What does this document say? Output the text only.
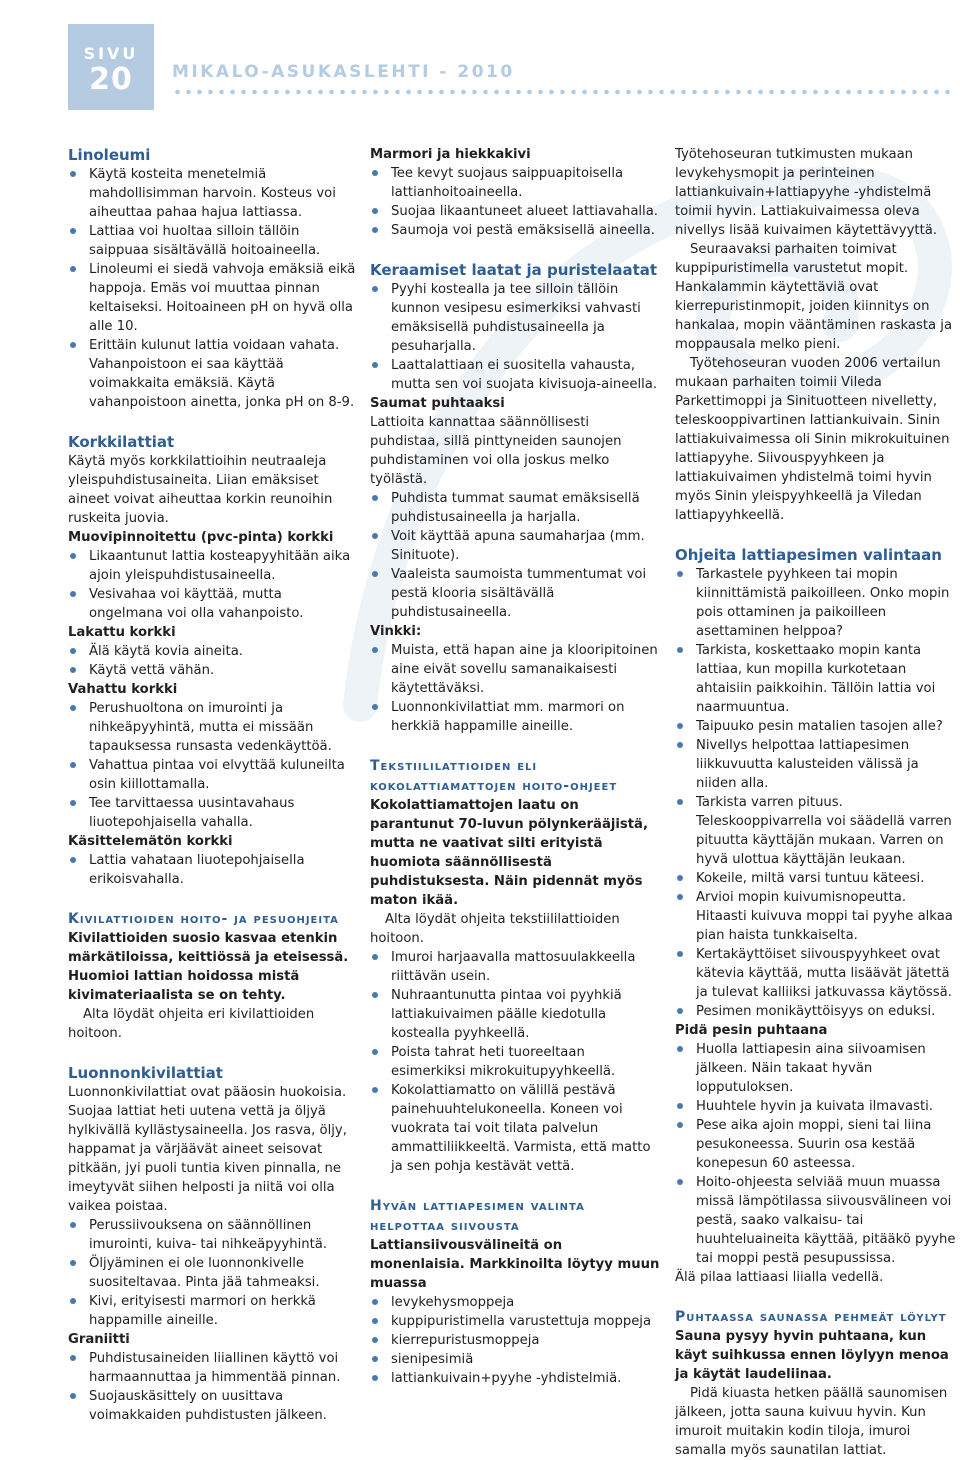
SIVU
20	MIKALO-ASUKASLEHTI - 2010
Linoleumi
Käytä kosteita menetelmiä mahdollisimman harvoin. Kosteus voi aiheuttaa pahaa hajua lattiassa.
Lattiaa voi huoltaa silloin tällöin saippuaa sisältävällä hoitoaineella.
Linoleumi ei siedä vahvoja emäksiä eikä happoja. Emäs voi muuttaa pinnan keltaiseksi. Hoitoaineen pH on hyvä olla alle 10.
Erittäin kulunut lattia voidaan vahata. Vahanpoistoon ei saa käyttää voimakkaita emäksiä. Käytä vahanpoistoon ainetta, jonka pH on 8-9.
Korkkilattiat

Käytä myös korkkilattioihin neutraaleja yleispuhdistusaineita. Liian emäksiset aineet voivat aiheuttaa korkin reunoihin ruskeita juovia.

Muovipinnoitettu (pvc-pinta) korkki

Likaantunut lattia kosteapyyhitään aika ajoin yleispuhdistusaineella.
Vesivahaa voi käyttää, mutta ongelmana voi olla vahanpoisto.

Lakattu korkki

Älä käytä kovia aineita.
Käytä vettä vähän.

Vahattu korkki

Perushuoltona on imurointi ja nihkeäpyyhintä, mutta ei missään tapauksessa runsasta vedenkäyttöä.
Vahattua pintaa voi elvyttää kuluneilta osin kiillottamalla.
Tee tarvittaessa uusintavahaus liuotepohjaisella vahalla.

Käsittelemätön korkki

Lattia vahataan liuotepohjaisella erikoisvahalla.
Kivilattioiden hoito- ja pesuohjeita

Kivilattioiden suosio kasvaa etenkin märkätiloissa, keittiössä ja eteisessä. Huomioi lattian hoidossa mistä kivimateriaalista se on tehty.

Alta löydät ohjeita eri kivilattioiden hoitoon.

Luonnonkivilattiat

Luonnonkivilattiat ovat pääosin huokoisia. Suojaa lattiat heti uutena vettä ja öljyä hylkivällä kyllästysaineella. Jos rasva, öljy, happamat ja värjäävät aineet seisovat pitkään, jyi puoli tuntia kiven pinnalla, ne imeytyvät siihen helposti ja niitä voi olla vaikea poistaa.

Perussiivouksena on säännöllinen imurointi, kuiva- tai nihkeäpyyhintä.
Öljyäminen ei ole luonnonkivelle suositeltavaa. Pinta jää tahmeaksi.
Kivi, erityisesti marmori on herkkä happamille aineille.

Graniitti

Puhdistusaineiden liiallinen käyttö voi harmaannuttaa ja himmentää pinnan.
Suojauskäsittely on uusittava voimakkaiden puhdistusten jälkeen.

Marmori ja hiekkakivi

Tee kevyt suojaus saippuapitoisella lattianhoitoaineella.
Suojaa likaantuneet alueet lattiavahalla.
Saumoja voi pestä emäksisellä aineella.
Keraamiset laatat ja puristelaatat
Pyyhi kostealla ja tee silloin tällöin kunnon vesipesu esimerkiksi vahvasti emäksisellä puhdistusaineella ja pesuharjalla.
Laattalattiaan ei suositella vahausta, mutta sen voi suojata kivisuoja-aineella.

Saumat puhtaaksi

Lattioita kannattaa säännöllisesti puhdistaa, sillä pinttyneiden saunojen puhdistaminen voi olla joskus melko työlästä.

Puhdista tummat saumat emäksisellä puhdistusaineella ja harjalla.
Voit käyttää apuna saumaharjaa (mm. Sinituote).
Vaaleista saumoista tummentumat voi pestä klooria sisältävällä puhdistusaineella.

Vinkki:

Muista, että hapan aine ja klooripitoinen aine eivät sovellu samanaikaisesti käytettäväksi.
Luonnonkivilattiat mm. marmori on herkkiä happamille aineille.
Tekstiililattioiden eli kokolattiamattojen hoito-ohjeet

Kokolattiamattojen laatu on parantunut 70-luvun pölynkerääjistä, mutta ne vaativat silti erityistä huomiota säännöllisestä puhdistuksesta. Näin pidennät myös maton ikää.

Alta löydät ohjeita tekstiililattioiden hoitoon.

Imuroi harjaavalla mattosuulakkeella riittävän usein.
Nuhraantunutta pintaa voi pyyhkiä lattiakuivaimen päälle kiedotulla kostealla pyyhkeellä.
Poista tahrat heti tuoreeltaan esimerkiksi mikrokuitupyyhkeellä.
Kokolattiamatto on välillä pestävä painehuuhtelukoneella. Koneen voi vuokrata tai voit tilata palvelun ammattiliikkeeltä. Varmista, että matto ja sen pohja kestävät vettä.
Hyvän lattiapesimen valinta helpottaa siivousta

Lattiansiivousvälineitä on monenlaisia. Markkinoilta löytyy muun muassa

levykehysmoppeja
kuppipuristimella varustettuja moppeja
kierrepuristusmoppeja
sienipesimiä
lattiankuivain+pyyhe -yhdistelmiä.

Työtehoseuran tutkimusten mukaan levykehysmopit ja perinteinen lattiankuivain+lattiapyyhe -yhdistelmä toimii hyvin. Lattiakuivaimessa oleva nivellys lisää kuivaimen käytettävyyttä.

Seuraavaksi parhaiten toimivat kuppipuristimella varustetut mopit. Hankalammin käytettäviä ovat kierrepuristinmopit, joiden kiinnitys on hankalaa, mopin vääntäminen raskasta ja moppausala melko pieni.

Työtehoseuran vuoden 2006 vertailun mukaan parhaiten toimii Vileda Parkettimoppi ja Sinituotteen nivelletty, teleskooppivartinen lattiankuivain. Sinin lattiakuivaimessa oli Sinin mikrokuituinen lattiapyyhe. Siivouspyyhkeen ja lattiakuivaimen yhdistelmä toimi hyvin myös Sinin yleispyyhkeellä ja Viledan lattiapyyhkeellä.

Ohjeita lattiapesimen valintaan
Tarkastele pyyhkeen tai mopin kiinnittämistä paikoilleen. Onko mopin pois ottaminen ja paikoilleen asettaminen helppoa?
Tarkista, koskettaako mopin kanta lattiaa, kun mopilla kurkotetaan ahtaisiin paikkoihin. Tällöin lattia voi naarmuuntua.
Taipuuko pesin matalien tasojen alle?
Nivellys helpottaa lattiapesimen liikkuvuutta kalusteiden välissä ja niiden alla.
Tarkista varren pituus. Teleskooppivarrella voi säädellä varren pituutta käyttäjän mukaan. Varren on hyvä ulottua käyttäjän leukaan.
Kokeile, miltä varsi tuntuu käteesi.
Arvioi mopin kuivumisnopeutta. Hitaasti kuivuva moppi tai pyyhe alkaa pian haista tunkkaiselta.
Kertakäyttöiset siivouspyyhkeet ovat kätevia käyttää, mutta lisäävät jätettä ja tulevat kalliiksi jatkuvassa käytössä.
Pesimen monikäyttöisyys on eduksi.

Pidä pesin puhtaana

Huolla lattiapesin aina siivoamisen jälkeen. Näin takaat hyvän lopputuloksen.
Huuhtele hyvin ja kuivata ilmavasti.
Pese aika ajoin moppi, sieni tai liina pesukoneessa. Suurin osa kestää konepesun 60 asteessa.
Hoito-ohjeesta selviää muun muassa missä lämpötilassa siivousvälineen voi pestä, saako valkaisu- tai huuhteluaineita käyttää, pitääkö pyyhe tai moppi pestä pesupussissa.

Älä pilaa lattiaasi liialla vedellä.

Puhtaassa saunassa pehmeät löylyt

Sauna pysyy hyvin puhtaana, kun käyt suihkussa ennen löylyyn menoa ja käytät laudeliinaa.

Pidä kiuasta hetken päällä saunomisen jälkeen, jotta sauna kuivuu hyvin. Kun imuroit muitakin kodin tiloja, imuroi samalla myös saunatilan lattiat.
